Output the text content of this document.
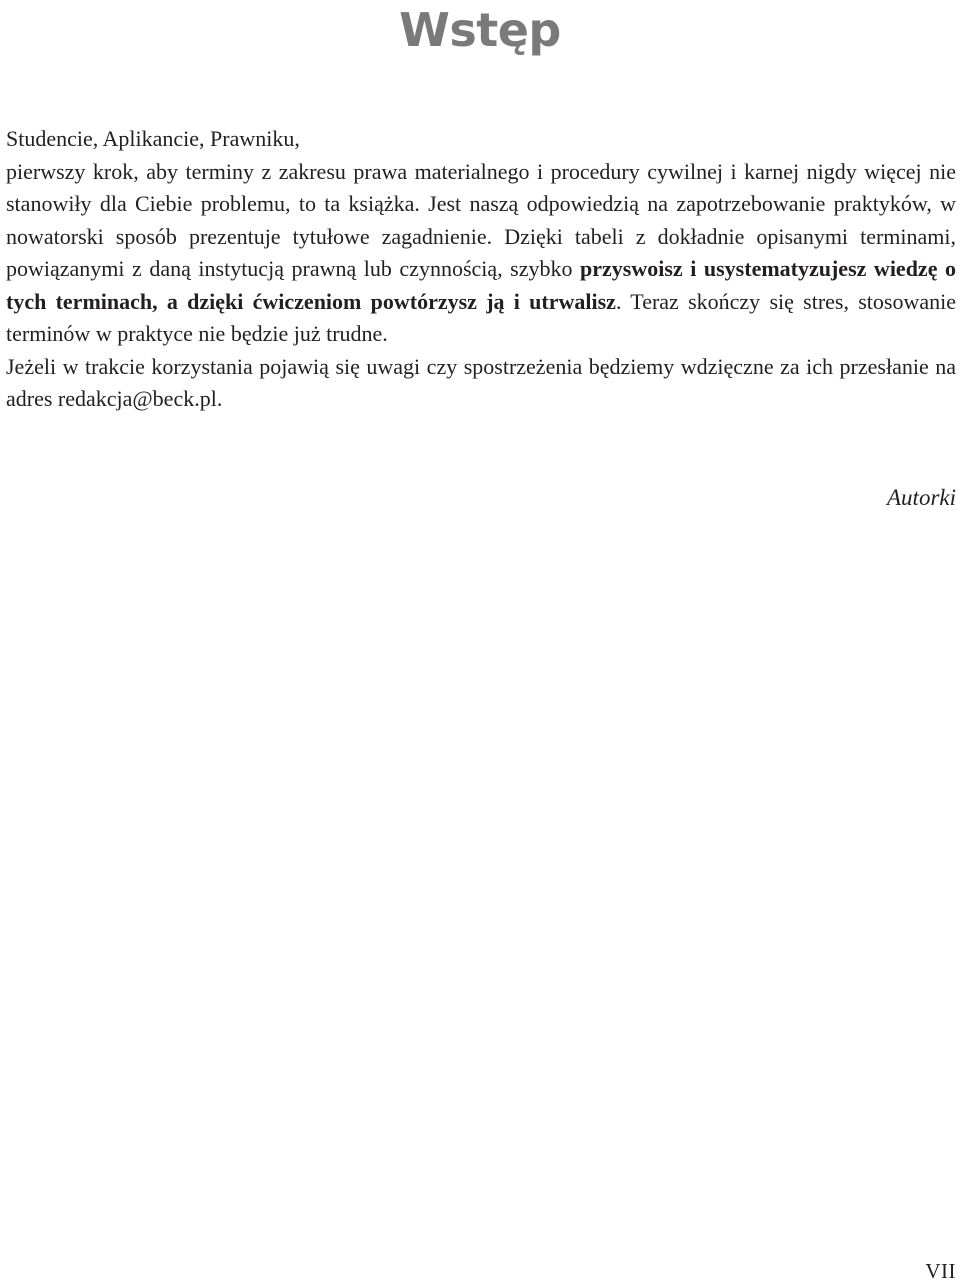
Wstęp

Studencie, Aplikancie, Prawniku,

pierwszy krok, aby terminy z zakresu prawa materialnego i procedury cywilnej i karnej nigdy więcej nie stanowiły dla Ciebie problemu, to ta książka. Jest naszą odpowiedzią na zapotrzebowanie praktyków, w nowatorski sposób prezentuje tytułowe zagadnienie. Dzięki tabeli z dokładnie opisanymi terminami, powiązanymi z daną instytucją prawną lub czynnością, szybko przyswoisz i usystematyzujesz wiedzę o tych terminach, a dzięki ćwiczeniom powtórzysz ją i utrwalisz. Teraz skończy się stres, stosowanie terminów w praktyce nie będzie już trudne.

Jeżeli w trakcie korzystania pojawią się uwagi czy spostrzeżenia będziemy wdzięczne za ich przesłanie na adres redakcja@beck.pl.

Autorki
VII
